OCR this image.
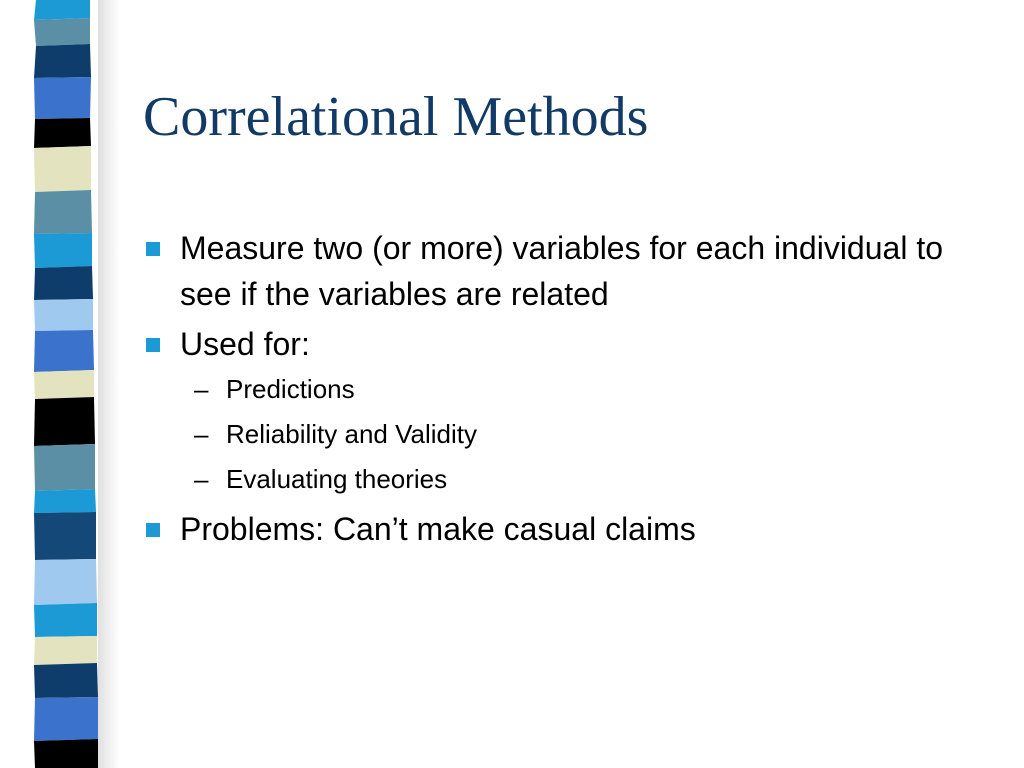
Correlational Methods
Measure two (or more) variables for each individual to see if the variables are related
Used for:
– Predictions
– Reliability and Validity
– Evaluating theories
Problems: Can’t make casual claims
